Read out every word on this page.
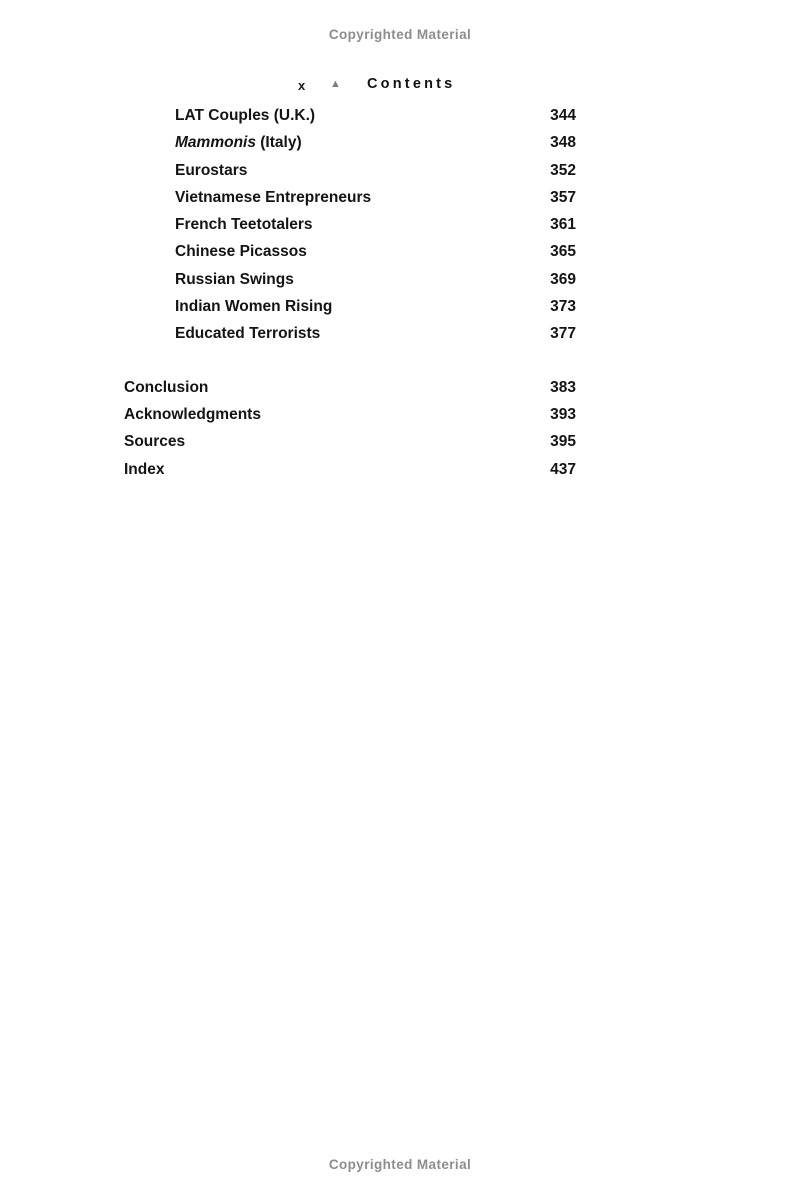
Copyrighted Material
x ▲ Contents
LAT Couples (U.K.)	344
Mammonis (Italy)	348
Eurostars	352
Vietnamese Entrepreneurs	357
French Teetotalers	361
Chinese Picassos	365
Russian Swings	369
Indian Women Rising	373
Educated Terrorists	377
Conclusion	383
Acknowledgments	393
Sources	395
Index	437
Copyrighted Material
